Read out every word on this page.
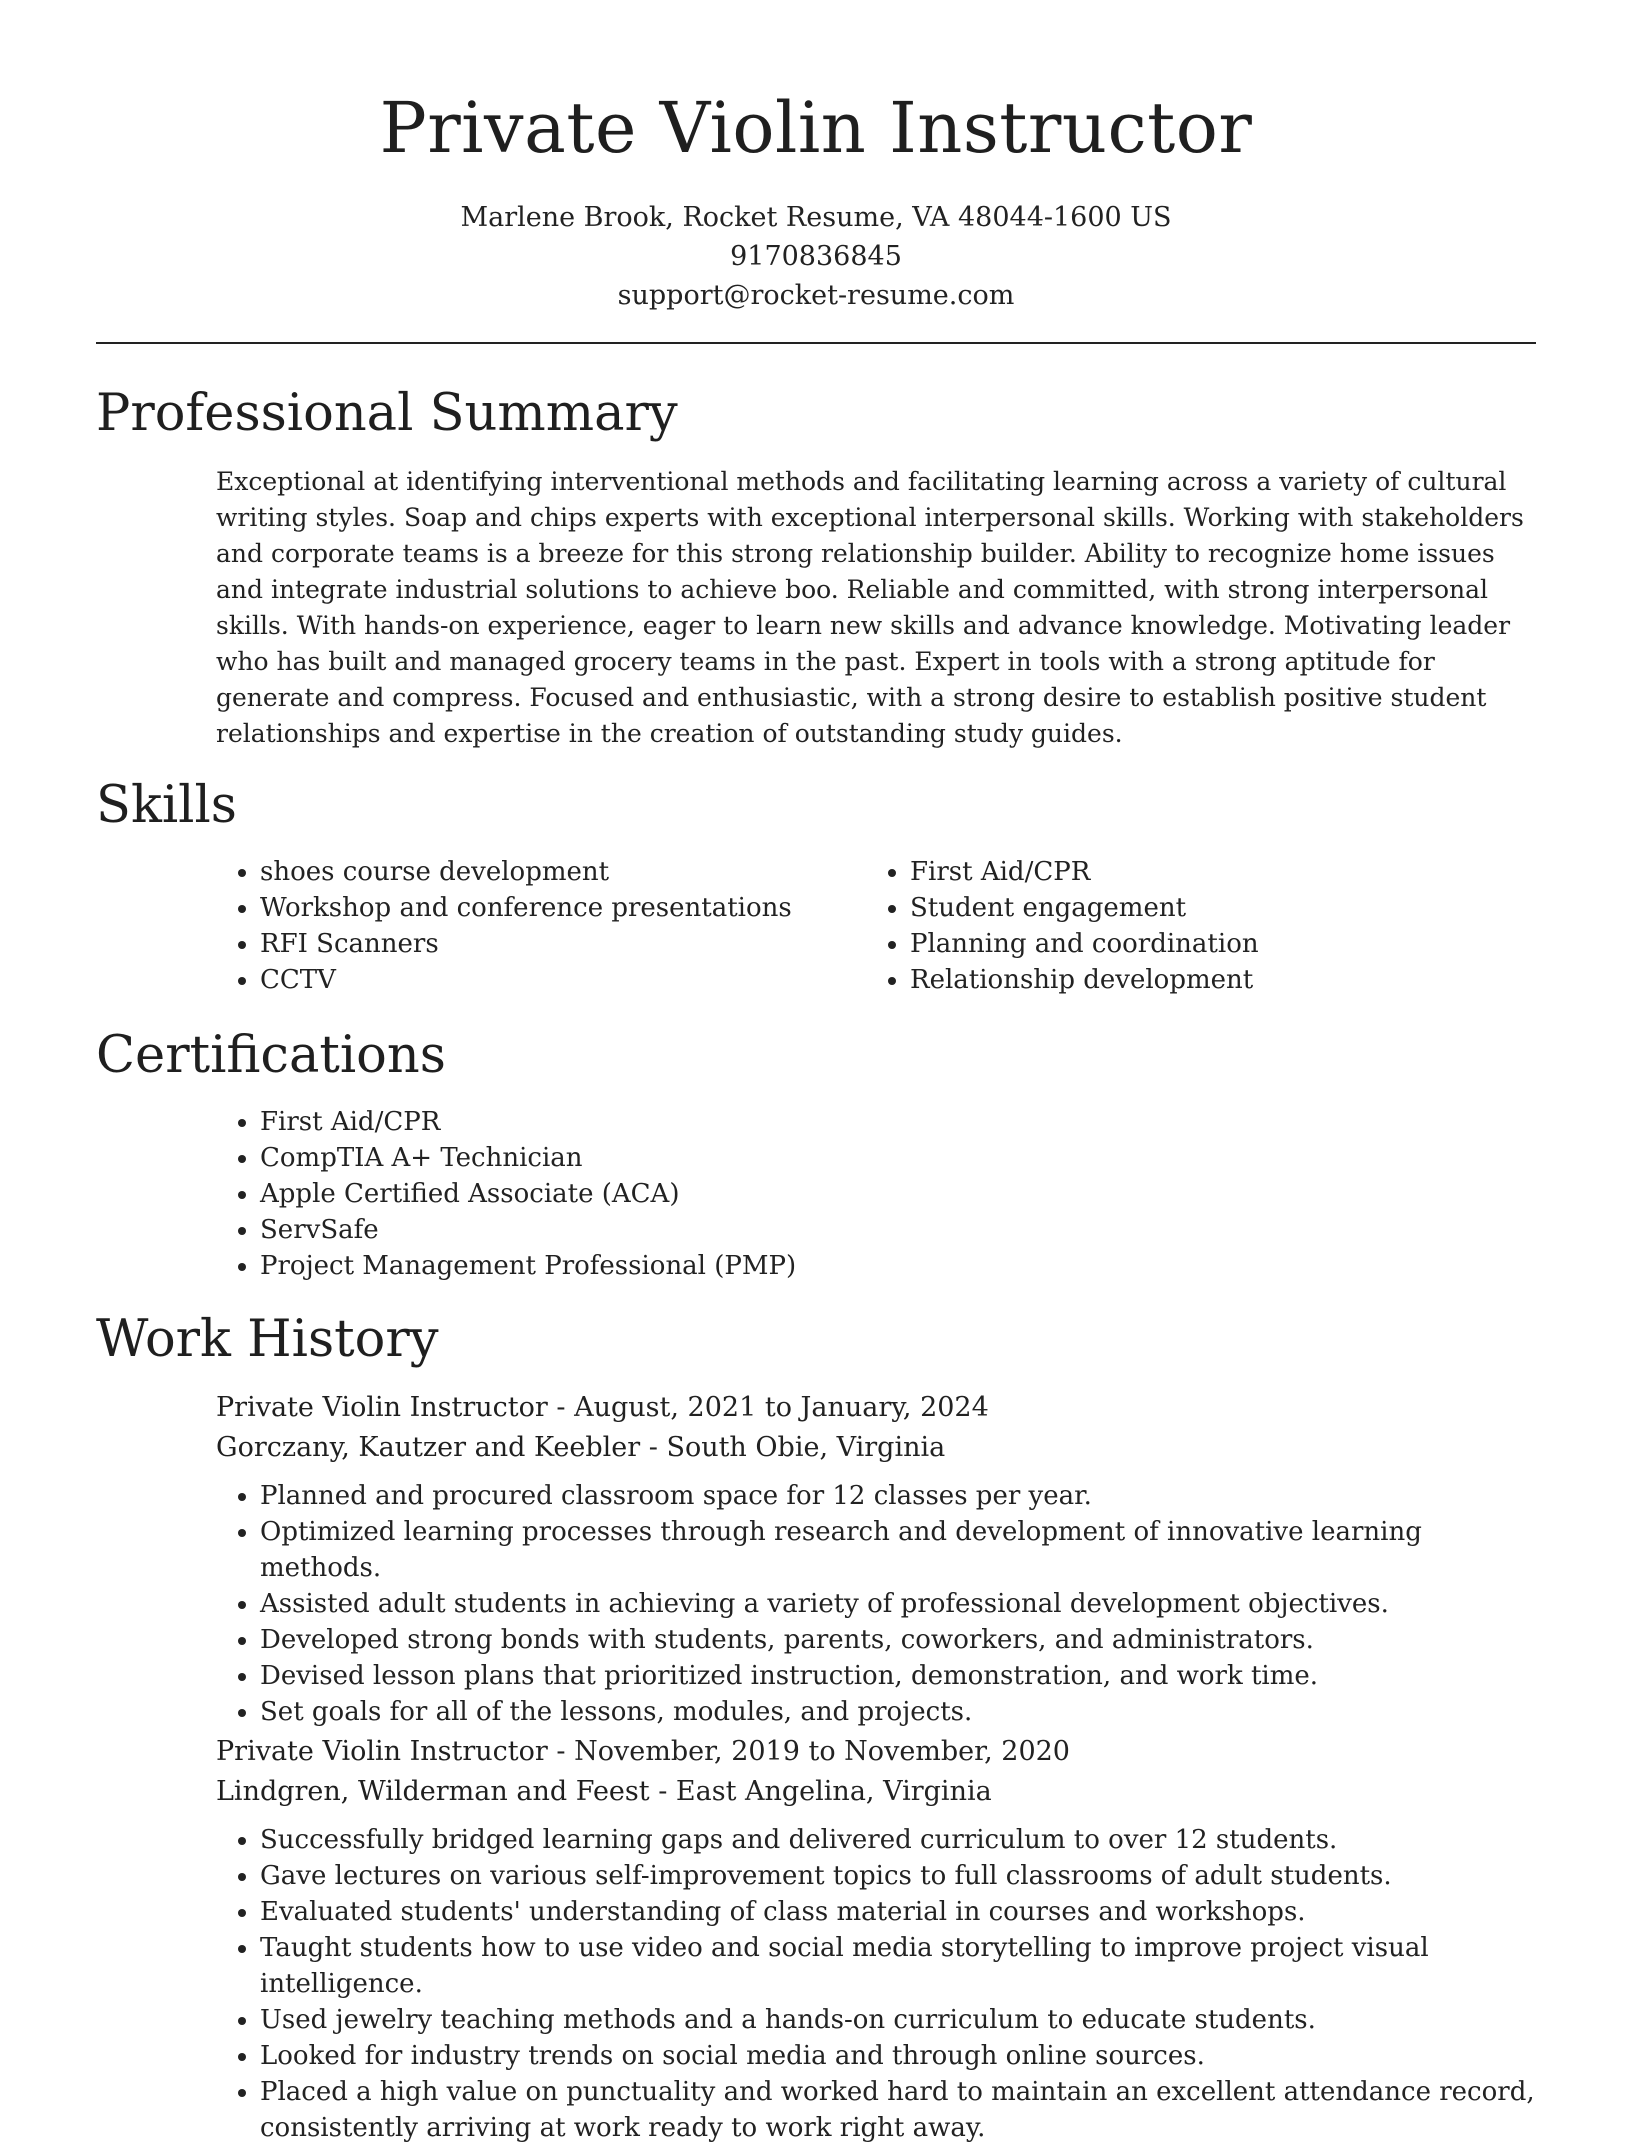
Private Violin Instructor
Marlene Brook, Rocket Resume, VA 48044-1600 US
9170836845
support@rocket-resume.com
Professional Summary

Exceptional at identifying interventional methods and facilitating learning across a variety of cultural writing styles. Soap and chips experts with exceptional interpersonal skills. Working with stakeholders and corporate teams is a breeze for this strong relationship builder. Ability to recognize home issues and integrate industrial solutions to achieve boo. Reliable and committed, with strong interpersonal skills. With hands-on experience, eager to learn new skills and advance knowledge. Motivating leader who has built and managed grocery teams in the past. Expert in tools with a strong aptitude for generate and compress. Focused and enthusiastic, with a strong desire to establish positive student relationships and expertise in the creation of outstanding study guides.

Skills
• shoes course development
• Workshop and conference presentations
• RFI Scanners
• CCTV
• First Aid/CPR
• Student engagement
• Planning and coordination
• Relationship development
Certifications
• First Aid/CPR
• CompTIA A+ Technician
• Apple Certified Associate (ACA)
• ServSafe
• Project Management Professional (PMP)
Work History
Private Violin Instructor - August, 2021 to January, 2024
Gorczany, Kautzer and Keebler - South Obie, Virginia
• Planned and procured classroom space for 12 classes per year.
• Optimized learning processes through research and development of innovative learning methods.
• Assisted adult students in achieving a variety of professional development objectives.
• Developed strong bonds with students, parents, coworkers, and administrators.
• Devised lesson plans that prioritized instruction, demonstration, and work time.
• Set goals for all of the lessons, modules, and projects.
Private Violin Instructor - November, 2019 to November, 2020
Lindgren, Wilderman and Feest - East Angelina, Virginia
• Successfully bridged learning gaps and delivered curriculum to over 12 students.
• Gave lectures on various self-improvement topics to full classrooms of adult students.
• Evaluated students' understanding of class material in courses and workshops.
• Taught students how to use video and social media storytelling to improve project visual intelligence.
• Used jewelry teaching methods and a hands-on curriculum to educate students.
• Looked for industry trends on social media and through online sources.
• Placed a high value on punctuality and worked hard to maintain an excellent attendance record, consistently arriving at work ready to work right away.
